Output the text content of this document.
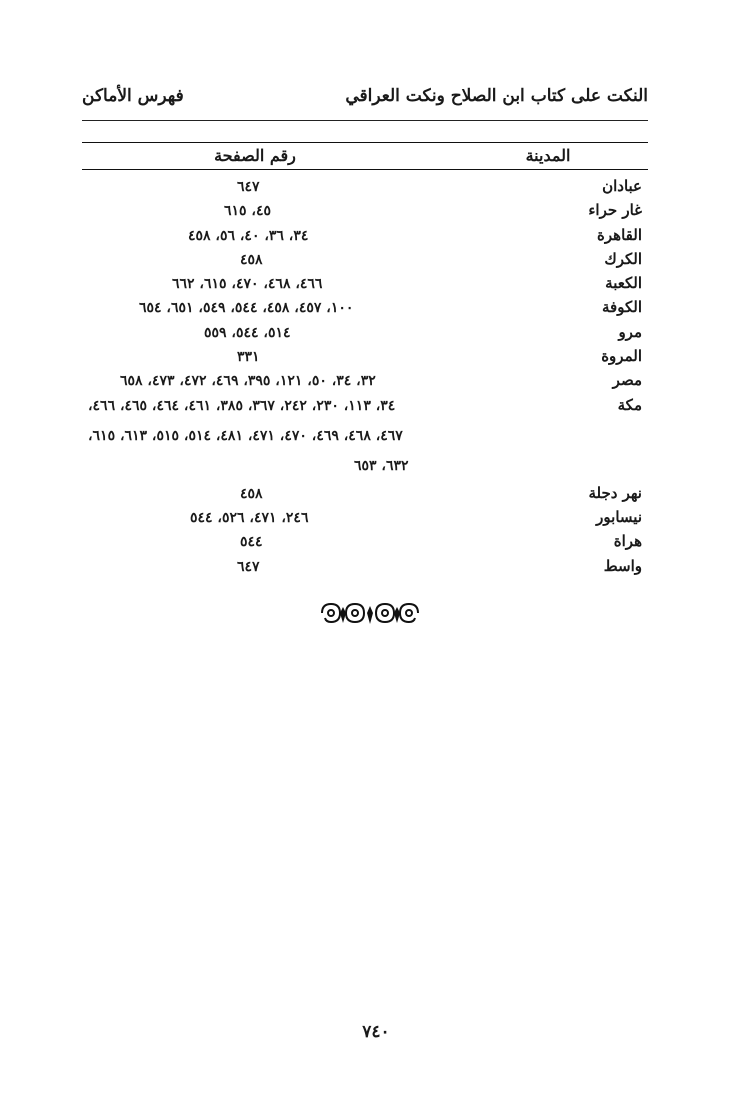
النكت على كتاب ابن الصلاح ونكت العراقي
فهرس الأماكن
المدينة
رقم الصفحة
عبادان
٦٤٧
غار حراء
٤٥، ٦١٥
القاهرة
٣٤، ٣٦، ٤٠، ٥٦، ٤٥٨
الكرك
٤٥٨
الكعبة
٤٦٦، ٤٦٨، ٤٧٠، ٦١٥، ٦٦٢
الكوفة
١٠٠، ٤٥٧، ٤٥٨، ٥٤٤، ٥٤٩، ٦٥١، ٦٥٤
مرو
٥١٤، ٥٤٤، ٥٥٩
المروة
٣٣١
مصر
٣٢، ٣٤، ٥٠، ١٢١، ٣٩٥، ٤٦٩، ٤٧٢، ٤٧٣، ٦٥٨
مكة
٣٤، ١١٣، ٢٣٠، ٢٤٢، ٣٦٧، ٣٨٥، ٤٦١، ٤٦٤، ٤٦٥، ٤٦٦،
٤٦٧، ٤٦٨، ٤٦٩، ٤٧٠، ٤٧١، ٤٨١، ٥١٤، ٥١٥، ٦١٣، ٦١٥،
٦٣٢، ٦٥٣
نهر دجلة
٤٥٨
نيسابور
٢٤٦، ٤٧١، ٥٢٦، ٥٤٤
هراة
٥٤٤
واسط
٦٤٧
٧٤٠
